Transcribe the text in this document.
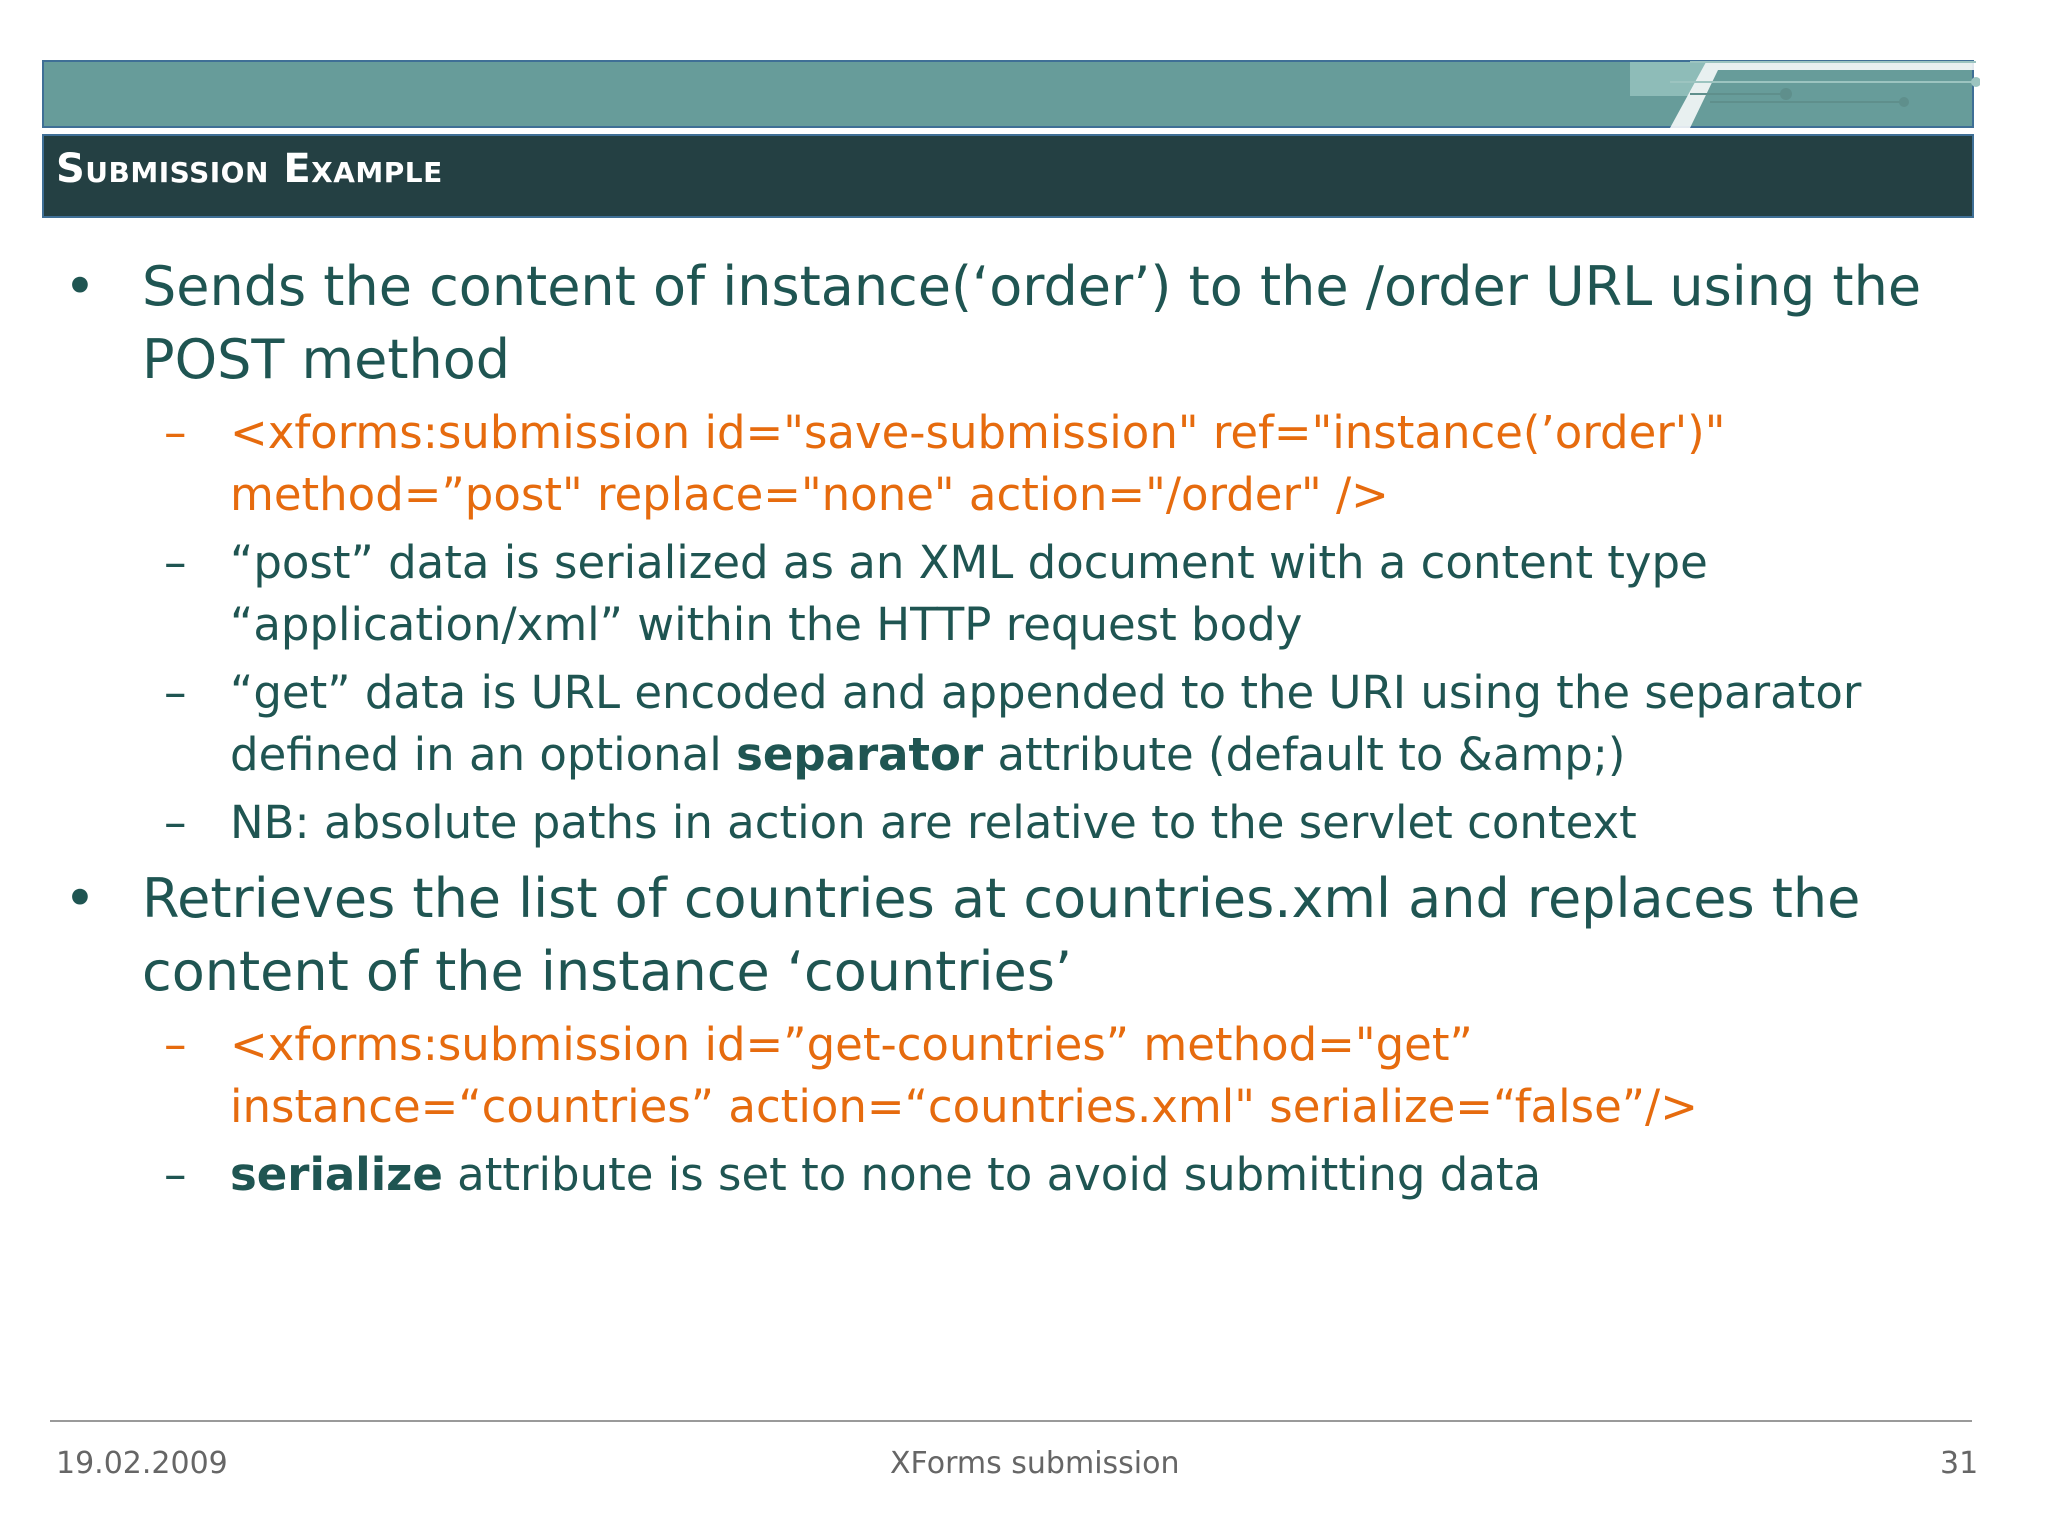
Submission Example
• Sends the content of instance(‘order’) to the /order URL using the POST method
– <xforms:submission id="save-submission" ref="instance(’order')" method=”post" replace="none" action="/order" />
– “post” data is serialized as an XML document with a content type “application/xml” within the HTTP request body
– “get” data is URL encoded and appended to the URI using the separator defined in an optional separator attribute (default to &amp;)
– NB: absolute paths in action are relative to the servlet context
• Retrieves the list of countries at countries.xml and replaces the content of the instance ‘countries’
– <xforms:submission id=”get-countries” method="get” instance=“countries” action=“countries.xml" serialize=“false”/>
– serialize attribute is set to none to avoid submitting data
19.02.2009	XForms submission	31
